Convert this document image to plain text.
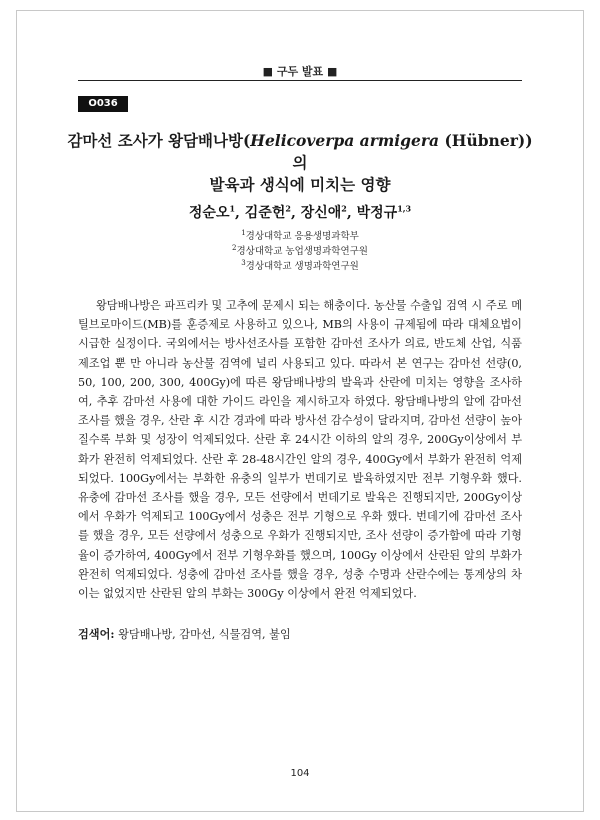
■ 구두 발표 ■
O036
감마선 조사가 왕담배나방(Helicoverpa armigera (Hübner))의
발육과 생식에 미치는 영향
정순오$^1$, 김준헌$^2$, 장신애$^2$, 박정규$^{1,3}$
$^1$경상대학교 응용생명과학부
$^2$경상대학교 농업생명과학연구원
$^3$경상대학교 생명과학연구원

왕담배나방은 파프리카 및 고추에 문제시 되는 해충이다. 농산물 수출입 검역 시 주로 메틸브로마이드(MB)를 훈증제로 사용하고 있으나, MB의 사용이 규제됨에 따라 대체요법이 시급한 실정이다. 국외에서는 방사선조사를 포함한 감마선 조사가 의료, 반도체 산업, 식품 제조업 뿐 만 아니라 농산물 검역에 널리 사용되고 있다. 따라서 본 연구는 감마선 선량(0, 50, 100, 200, 300, 400Gy)에 따른 왕담배나방의 발육과 산란에 미치는 영향을 조사하여, 추후 감마선 사용에 대한 가이드 라인을 제시하고자 하였다. 왕담배나방의 알에 감마선 조사를 했을 경우, 산란 후 시간 경과에 따라 방사선 감수성이 달라지며, 감마선 선량이 높아질수록 부화 및 성장이 억제되었다. 산란 후 24시간 이하의 알의 경우, 200Gy이상에서 부화가 완전히 억제되었다. 산란 후 28-48시간인 알의 경우, 400Gy에서 부화가 완전히 억제되었다. 100Gy에서는 부화한 유충의 일부가 번데기로 발육하였지만 전부 기형우화 했다. 유충에 감마선 조사를 했을 경우, 모든 선량에서 번데기로 발육은 진행되지만, 200Gy이상에서 우화가 억제되고 100Gy에서 성충은 전부 기형으로 우화 했다. 번데기에 감마선 조사를 했을 경우, 모든 선량에서 성충으로 우화가 진행되지만, 조사 선량이 증가함에 따라 기형율이 증가하여, 400Gy에서 전부 기형우화를 했으며, 100Gy 이상에서 산란된 알의 부화가 완전히 억제되었다. 성충에 감마선 조사를 했을 경우, 성충 수명과 산란수에는 통계상의 차이는 없었지만 산란된 알의 부화는 300Gy 이상에서 완전 억제되었다.

검색어: 왕담배나방, 감마선, 식물검역, 불임
104
